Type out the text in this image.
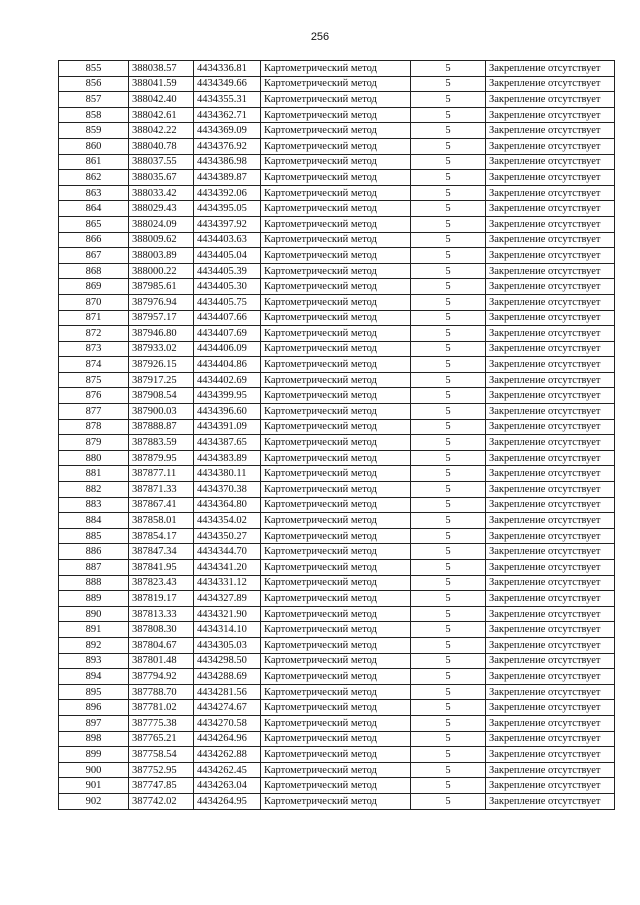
256
855	388038.57	4434336.81	Картометрический метод	5	Закрепление отсутствует
856	388041.59	4434349.66	Картометрический метод	5	Закрепление отсутствует
857	388042.40	4434355.31	Картометрический метод	5	Закрепление отсутствует
858	388042.61	4434362.71	Картометрический метод	5	Закрепление отсутствует
859	388042.22	4434369.09	Картометрический метод	5	Закрепление отсутствует
860	388040.78	4434376.92	Картометрический метод	5	Закрепление отсутствует
861	388037.55	4434386.98	Картометрический метод	5	Закрепление отсутствует
862	388035.67	4434389.87	Картометрический метод	5	Закрепление отсутствует
863	388033.42	4434392.06	Картометрический метод	5	Закрепление отсутствует
864	388029.43	4434395.05	Картометрический метод	5	Закрепление отсутствует
865	388024.09	4434397.92	Картометрический метод	5	Закрепление отсутствует
866	388009.62	4434403.63	Картометрический метод	5	Закрепление отсутствует
867	388003.89	4434405.04	Картометрический метод	5	Закрепление отсутствует
868	388000.22	4434405.39	Картометрический метод	5	Закрепление отсутствует
869	387985.61	4434405.30	Картометрический метод	5	Закрепление отсутствует
870	387976.94	4434405.75	Картометрический метод	5	Закрепление отсутствует
871	387957.17	4434407.66	Картометрический метод	5	Закрепление отсутствует
872	387946.80	4434407.69	Картометрический метод	5	Закрепление отсутствует
873	387933.02	4434406.09	Картометрический метод	5	Закрепление отсутствует
874	387926.15	4434404.86	Картометрический метод	5	Закрепление отсутствует
875	387917.25	4434402.69	Картометрический метод	5	Закрепление отсутствует
876	387908.54	4434399.95	Картометрический метод	5	Закрепление отсутствует
877	387900.03	4434396.60	Картометрический метод	5	Закрепление отсутствует
878	387888.87	4434391.09	Картометрический метод	5	Закрепление отсутствует
879	387883.59	4434387.65	Картометрический метод	5	Закрепление отсутствует
880	387879.95	4434383.89	Картометрический метод	5	Закрепление отсутствует
881	387877.11	4434380.11	Картометрический метод	5	Закрепление отсутствует
882	387871.33	4434370.38	Картометрический метод	5	Закрепление отсутствует
883	387867.41	4434364.80	Картометрический метод	5	Закрепление отсутствует
884	387858.01	4434354.02	Картометрический метод	5	Закрепление отсутствует
885	387854.17	4434350.27	Картометрический метод	5	Закрепление отсутствует
886	387847.34	4434344.70	Картометрический метод	5	Закрепление отсутствует
887	387841.95	4434341.20	Картометрический метод	5	Закрепление отсутствует
888	387823.43	4434331.12	Картометрический метод	5	Закрепление отсутствует
889	387819.17	4434327.89	Картометрический метод	5	Закрепление отсутствует
890	387813.33	4434321.90	Картометрический метод	5	Закрепление отсутствует
891	387808.30	4434314.10	Картометрический метод	5	Закрепление отсутствует
892	387804.67	4434305.03	Картометрический метод	5	Закрепление отсутствует
893	387801.48	4434298.50	Картометрический метод	5	Закрепление отсутствует
894	387794.92	4434288.69	Картометрический метод	5	Закрепление отсутствует
895	387788.70	4434281.56	Картометрический метод	5	Закрепление отсутствует
896	387781.02	4434274.67	Картометрический метод	5	Закрепление отсутствует
897	387775.38	4434270.58	Картометрический метод	5	Закрепление отсутствует
898	387765.21	4434264.96	Картометрический метод	5	Закрепление отсутствует
899	387758.54	4434262.88	Картометрический метод	5	Закрепление отсутствует
900	387752.95	4434262.45	Картометрический метод	5	Закрепление отсутствует
901	387747.85	4434263.04	Картометрический метод	5	Закрепление отсутствует
902	387742.02	4434264.95	Картометрический метод	5	Закрепление отсутствует
